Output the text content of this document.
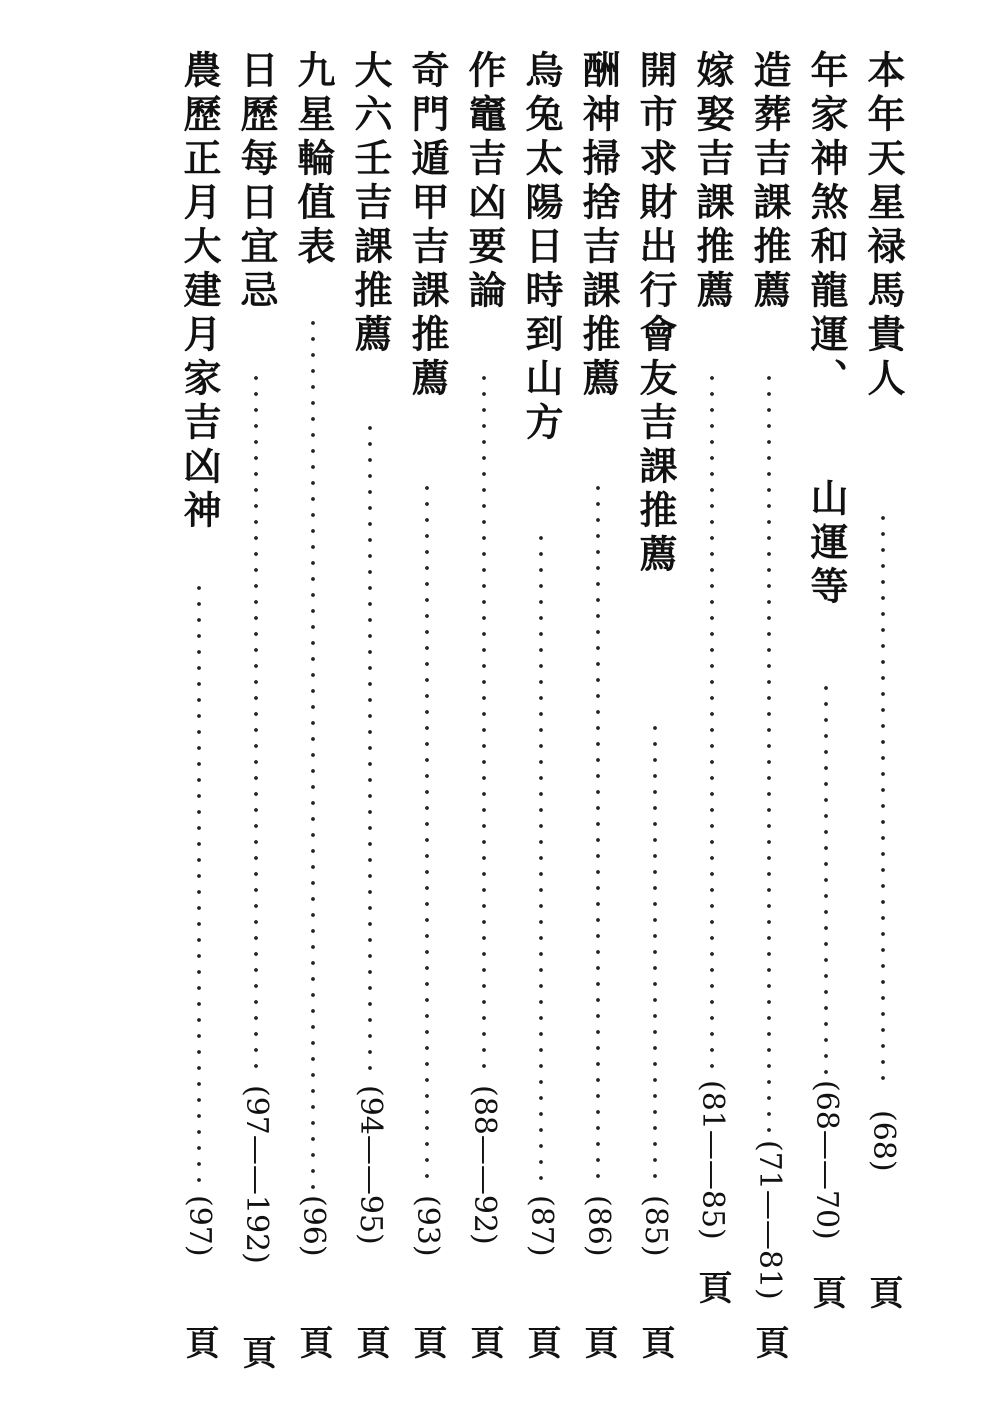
本年天星禄馬貴人
(68)
頁
年家神煞和龍運、
山運等
(68——70)
頁
造葬吉課推薦
(71——81)
頁
嫁娶吉課推薦
(81——85)
頁
開市求財出行會友吉課推薦
(85)
頁
酬神掃捨吉課推薦
(86)
頁
烏兔太陽日時到山方
(87)
頁
作竈吉凶要論
(88——92)
頁
奇門遁甲吉課推薦
(93)
頁
大六壬吉課推薦
(94——95)
頁
九星輪值表
(96)
頁
日歷每日宜忌
(97——192)
頁
農歷正月大建月家吉凶神
(97)
頁
